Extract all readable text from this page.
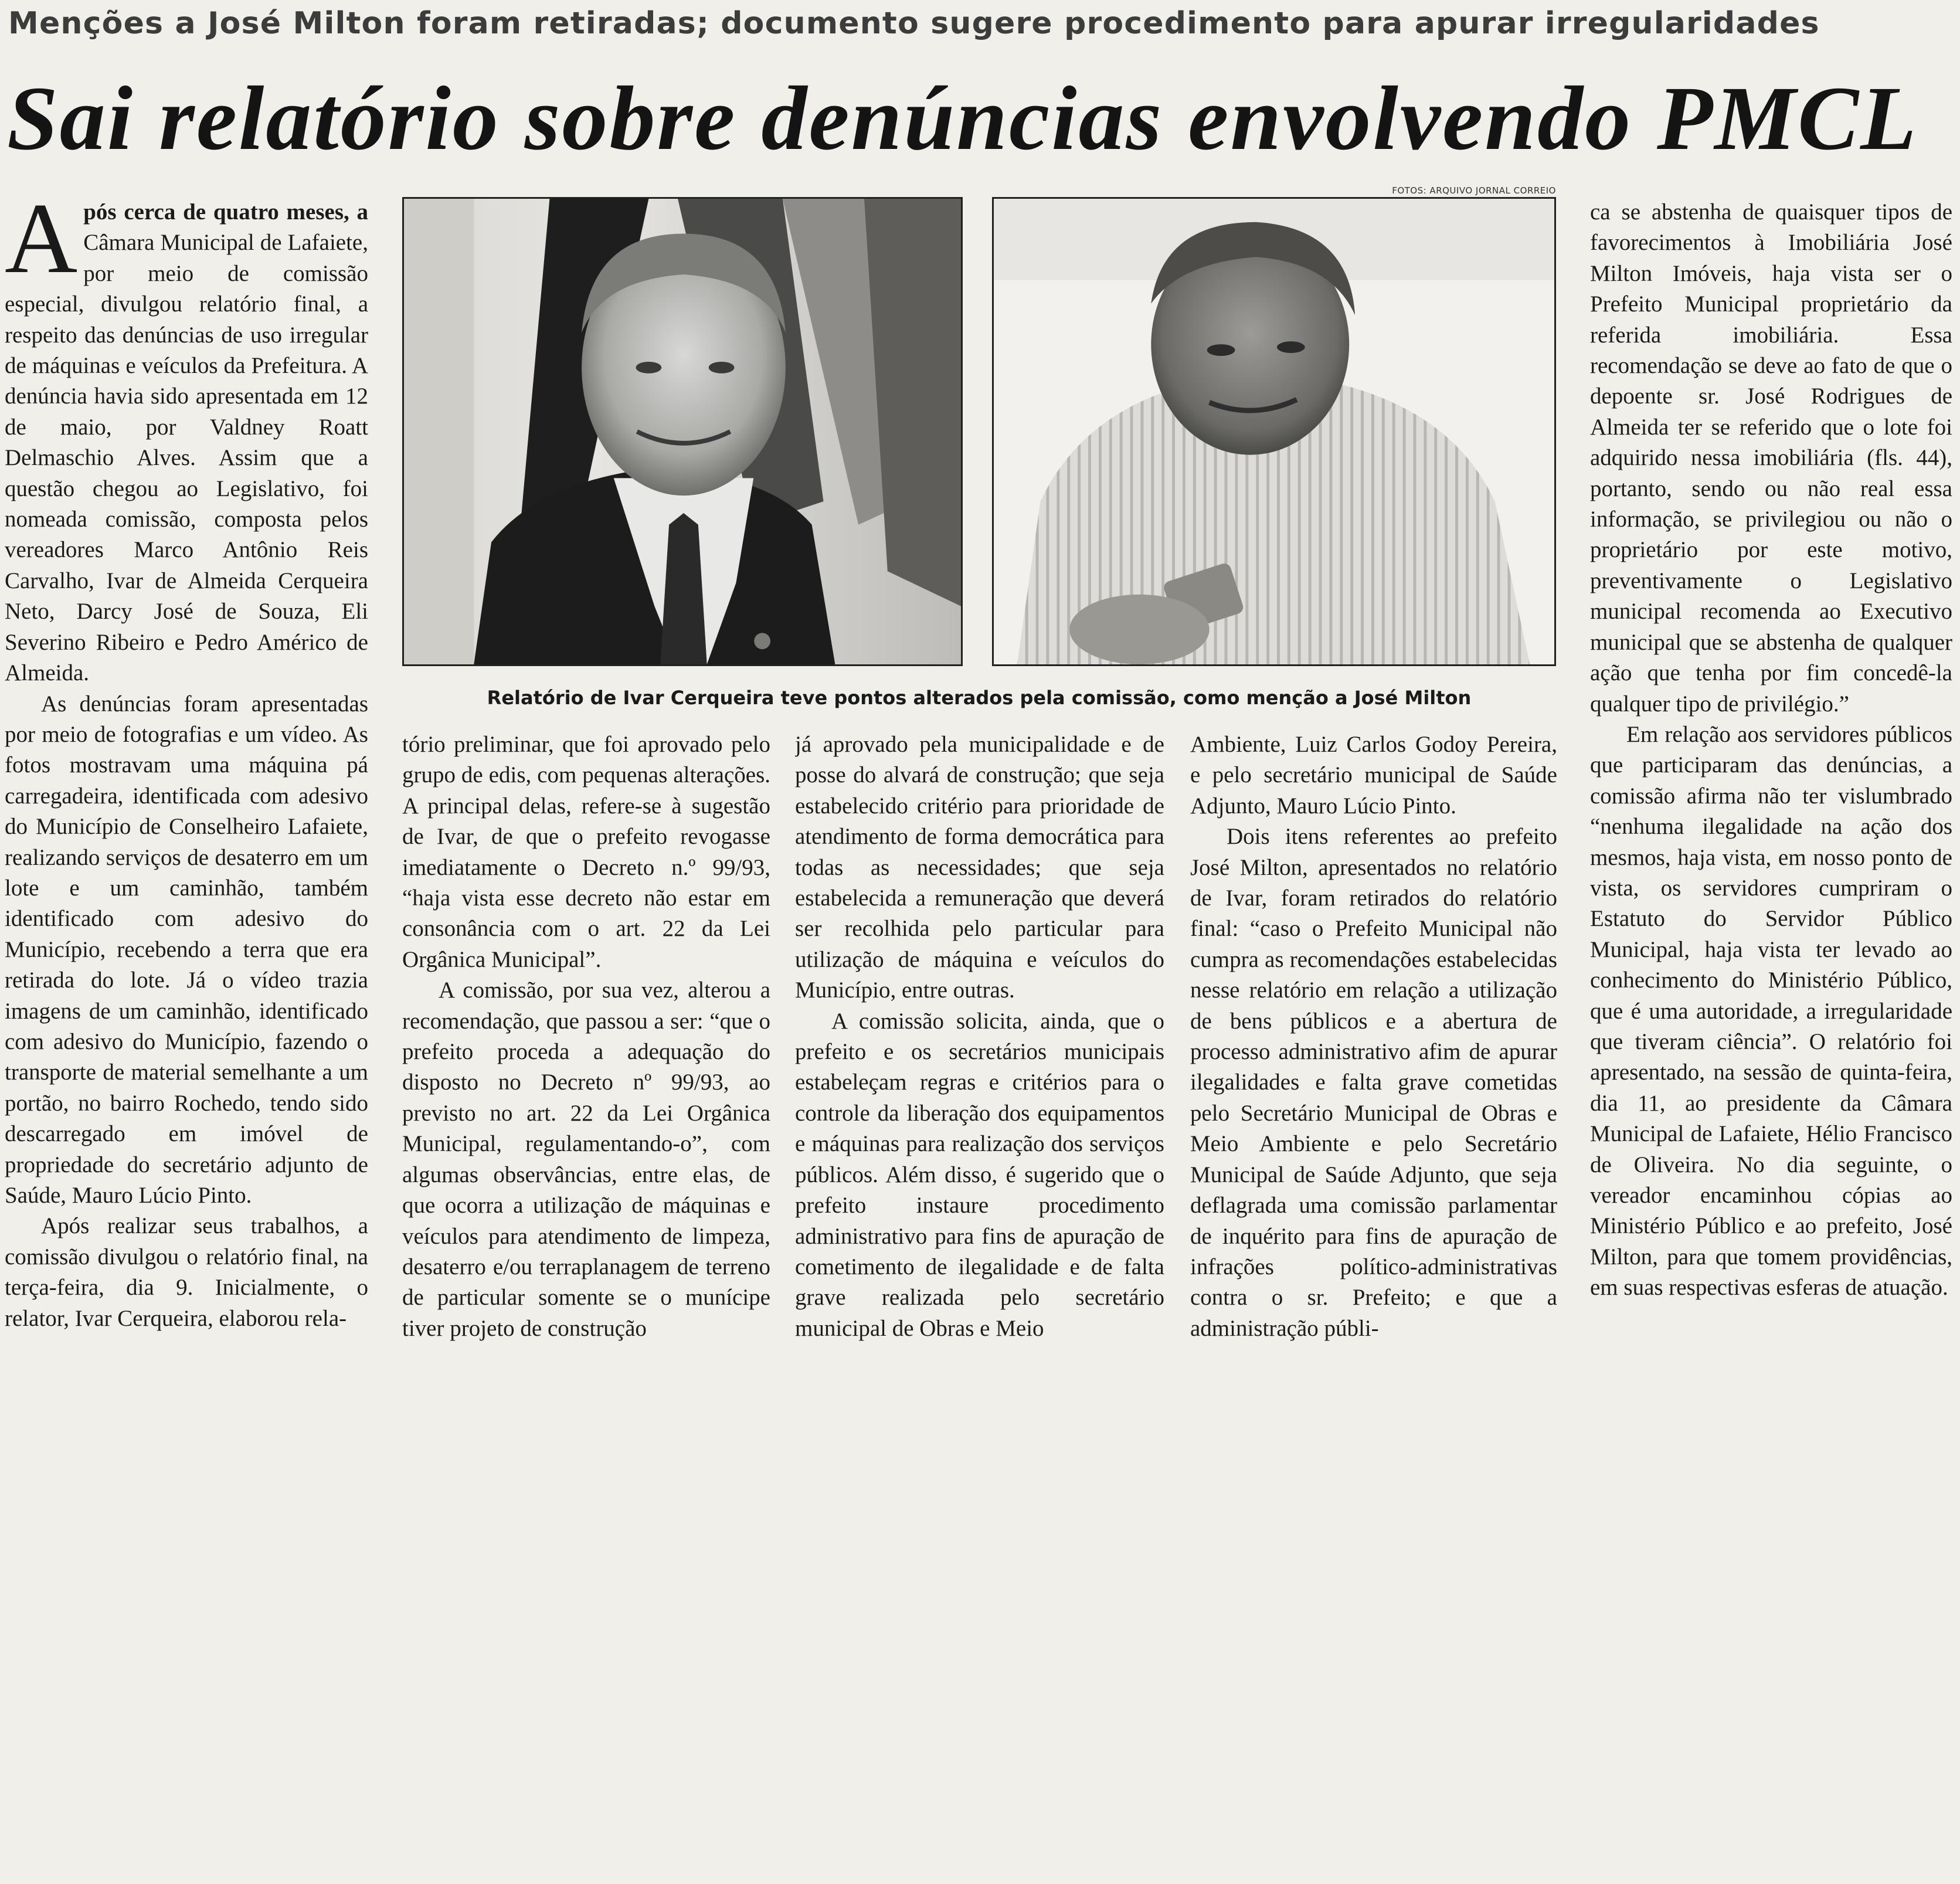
Menções a José Milton foram retiradas; documento sugere procedimento para apurar irregularidades
Sai relatório sobre denúncias envolvendo PMCL
FOTOS: ARQUIVO JORNAL CORREIO
Relatório de Ivar Cerqueira teve pontos alterados pela comissão, como menção a José Milton

Após cerca de quatro meses, a Câmara Municipal de Lafaiete, por meio de comissão especial, divulgou relatório final, a respeito das denúncias de uso irregular de máquinas e veículos da Prefeitura. A denúncia havia sido apresentada em 12 de maio, por Valdney Roatt Delmaschio Alves. Assim que a questão chegou ao Legislativo, foi nomeada comissão, composta pelos vereadores Marco Antônio Reis Carvalho, Ivar de Almeida Cerqueira Neto, Darcy José de Souza, Eli Severino Ribeiro e Pedro Américo de Almeida.

As denúncias foram apresentadas por meio de fotografias e um vídeo. As fotos mostravam uma máquina pá carregadeira, identificada com adesivo do Município de Conselheiro Lafaiete, realizando serviços de desaterro em um lote e um caminhão, também identificado com adesivo do Município, recebendo a terra que era retirada do lote. Já o vídeo trazia imagens de um caminhão, identificado com adesivo do Município, fazendo o transporte de material semelhante a um portão, no bairro Rochedo, tendo sido descarregado em imóvel de propriedade do secretário adjunto de Saúde, Mauro Lúcio Pinto.

Após realizar seus trabalhos, a comissão divulgou o relatório final, na terça-feira, dia 9. Inicialmente, o relator, Ivar Cerqueira, elaborou rela-

tório preliminar, que foi aprovado pelo grupo de edis, com pequenas alterações. A principal delas, refere-se à sugestão de Ivar, de que o prefeito revogasse imediatamente o Decreto n.º 99/93, “haja vista esse decreto não estar em consonância com o art. 22 da Lei Orgânica Municipal”.

A comissão, por sua vez, alterou a recomendação, que passou a ser: “que o prefeito proceda a adequação do disposto no Decreto nº 99/93, ao previsto no art. 22 da Lei Orgânica Municipal, regulamentando-o”, com algumas observâncias, entre elas, de que ocorra a utilização de máquinas e veículos para atendimento de limpeza, desaterro e/ou terraplanagem de terreno de particular somente se o munícipe tiver projeto de construção

já aprovado pela municipalidade e de posse do alvará de construção; que seja estabelecido critério para prioridade de atendimento de forma democrática para todas as necessidades; que seja estabelecida a remuneração que deverá ser recolhida pelo particular para utilização de máquina e veículos do Município, entre outras.

A comissão solicita, ainda, que o prefeito e os secretários municipais estabeleçam regras e critérios para o controle da liberação dos equipamentos e máquinas para realização dos serviços públicos. Além disso, é sugerido que o prefeito instaure procedimento administrativo para fins de apuração de cometimento de ilegalidade e de falta grave realizada pelo secretário municipal de Obras e Meio

Ambiente, Luiz Carlos Godoy Pereira, e pelo secretário municipal de Saúde Adjunto, Mauro Lúcio Pinto.

Dois itens referentes ao prefeito José Milton, apresentados no relatório de Ivar, foram retirados do relatório final: “caso o Prefeito Municipal não cumpra as recomendações estabelecidas nesse relatório em relação a utilização de bens públicos e a abertura de processo administrativo afim de apurar ilegalidades e falta grave cometidas pelo Secretário Municipal de Obras e Meio Ambiente e pelo Secretário Municipal de Saúde Adjunto, que seja deflagrada uma comissão parlamentar de inquérito para fins de apuração de infrações político-administrativas contra o sr. Prefeito; e que a administração públi-

ca se abstenha de quaisquer tipos de favorecimentos à Imobiliária José Milton Imóveis, haja vista ser o Prefeito Municipal proprietário da referida imobiliária. Essa recomendação se deve ao fato de que o depoente sr. José Rodrigues de Almeida ter se referido que o lote foi adquirido nessa imobiliária (fls. 44), portanto, sendo ou não real essa informação, se privilegiou ou não o proprietário por este motivo, preventivamente o Legislativo municipal recomenda ao Executivo municipal que se abstenha de qualquer ação que tenha por fim concedê-la qualquer tipo de privilégio.”

Em relação aos servidores públicos que participaram das denúncias, a comissão afirma não ter vislumbrado “nenhuma ilegalidade na ação dos mesmos, haja vista, em nosso ponto de vista, os servidores cumpriram o Estatuto do Servidor Público Municipal, haja vista ter levado ao conhecimento do Ministério Público, que é uma autoridade, a irregularidade que tiveram ciência”. O relatório foi apresentado, na sessão de quinta-feira, dia 11, ao presidente da Câmara Municipal de Lafaiete, Hélio Francisco de Oliveira. No dia seguinte, o vereador encaminhou cópias ao Ministério Público e ao prefeito, José Milton, para que tomem providências, em suas respectivas esferas de atuação.
